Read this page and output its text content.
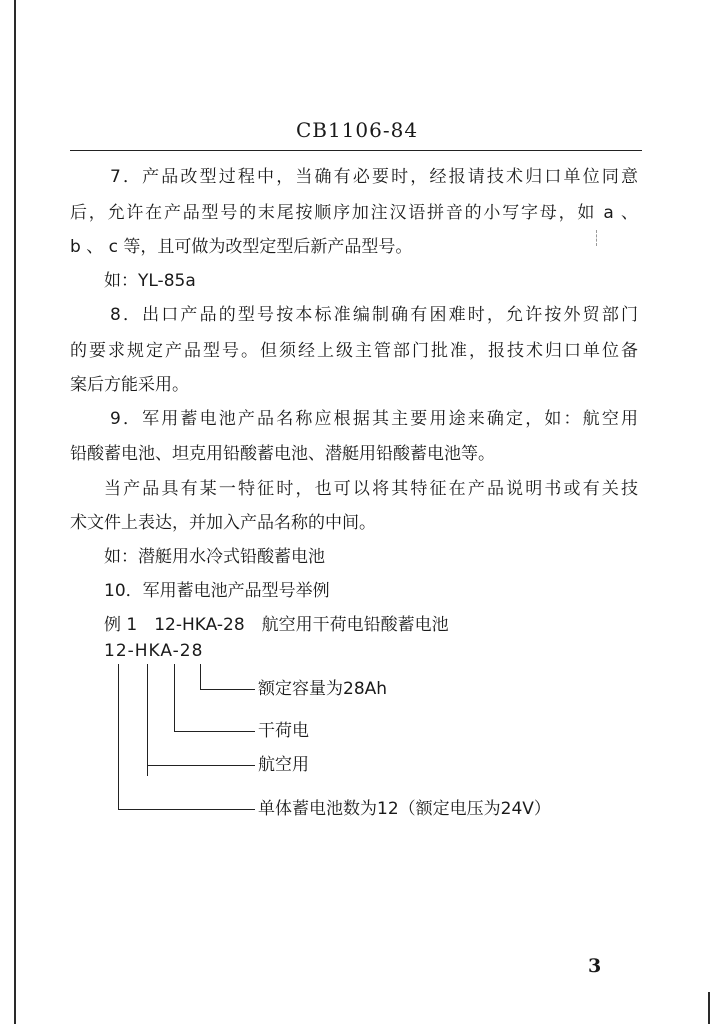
CB1106-84
7．产品改型过程中，当确有必要时，经报请技术归口单位同意
后，允许在产品型号的末尾按顺序加注汉语拼音的小写字母，如 a 、
b 、 c 等，且可做为改型定型后新产品型号。
如：YL-85a
8．出口产品的型号按本标准编制确有困难时，允许按外贸部门
的要求规定产品型号。但须经上级主管部门批准，报技术归口单位备
案后方能采用。
9．军用蓄电池产品名称应根据其主要用途来确定，如：航空用
铅酸蓄电池、坦克用铅酸蓄电池、潜艇用铅酸蓄电池等。
当产品具有某一特征时，也可以将其特征在产品说明书或有关技
术文件上表达，并加入产品名称的中间。
如：潜艇用水冷式铅酸蓄电池
10．军用蓄电池产品型号举例
例 1　12-HKA-28　航空用干荷电铅酸蓄电池
12-HKA-28
额定容量为28Ah
干荷电
航空用
单体蓄电池数为12（额定电压为24V）
3
